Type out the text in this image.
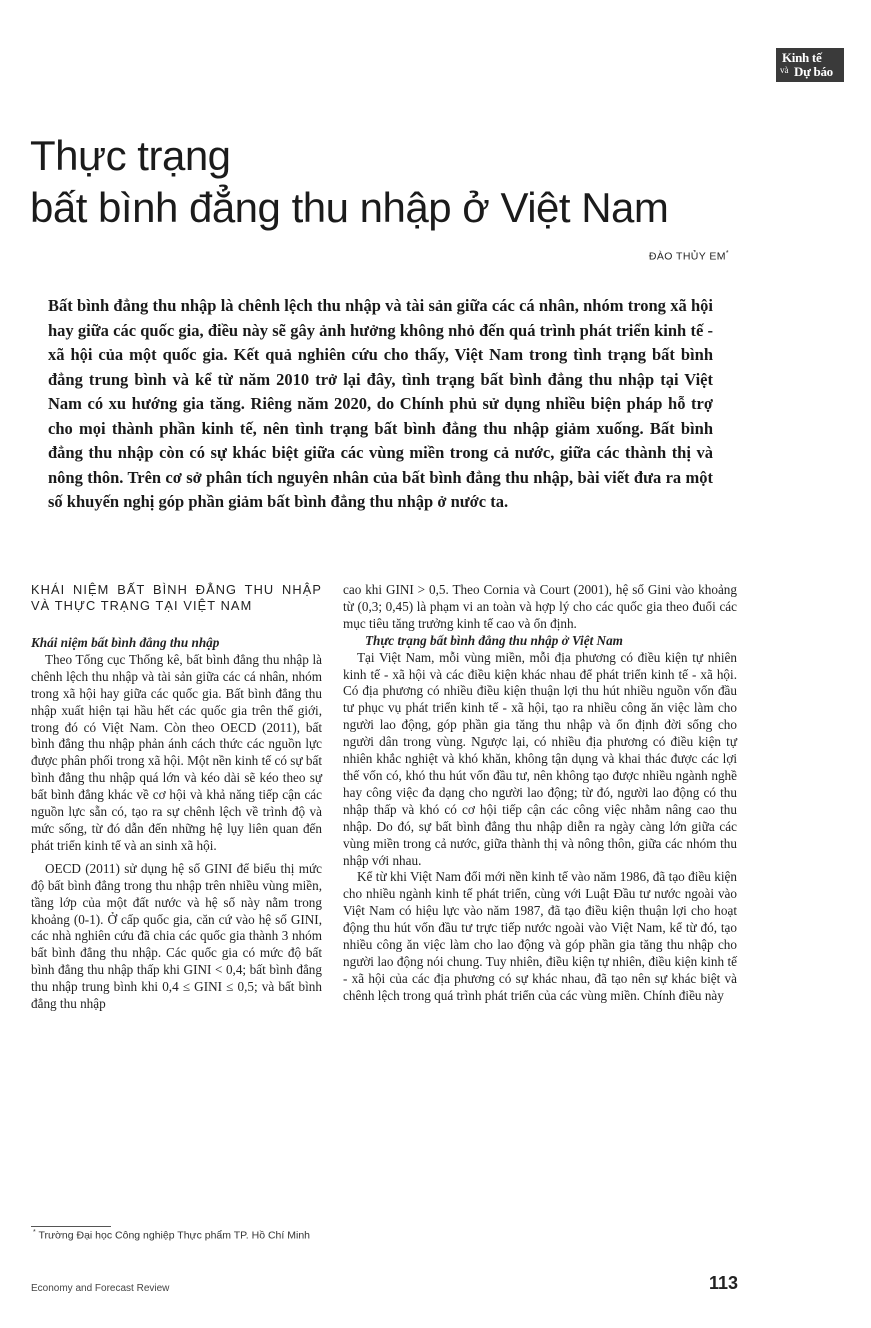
Kinh tế
và Dự báo
Thực trạng
bất bình đẳng thu nhập ở Việt Nam
ĐÀO THỦY EM*
Bất bình đẳng thu nhập là chênh lệch thu nhập và tài sản giữa các cá nhân, nhóm trong xã hội hay giữa các quốc gia, điều này sẽ gây ảnh hưởng không nhỏ đến quá trình phát triển kinh tế - xã hội của một quốc gia. Kết quả nghiên cứu cho thấy, Việt Nam trong tình trạng bất bình đẳng trung bình và kể từ năm 2010 trở lại đây, tình trạng bất bình đẳng thu nhập tại Việt Nam có xu hướng gia tăng. Riêng năm 2020, do Chính phủ sử dụng nhiều biện pháp hỗ trợ cho mọi thành phần kinh tế, nên tình trạng bất bình đẳng thu nhập giảm xuống. Bất bình đẳng thu nhập còn có sự khác biệt giữa các vùng miền trong cả nước, giữa các thành thị và nông thôn. Trên cơ sở phân tích nguyên nhân của bất bình đẳng thu nhập, bài viết đưa ra một số khuyến nghị góp phần giảm bất bình đẳng thu nhập ở nước ta.

KHÁI NIỆM BẤT BÌNH ĐẲNG THU NHẬP VÀ THỰC TRẠNG TẠI VIỆT NAM

Khái niệm bất bình đẳng thu nhập

Theo Tổng cục Thống kê, bất bình đẳng thu nhập là chênh lệch thu nhập và tài sản giữa các cá nhân, nhóm trong xã hội hay giữa các quốc gia. Bất bình đẳng thu nhập xuất hiện tại hầu hết các quốc gia trên thế giới, trong đó có Việt Nam. Còn theo OECD (2011), bất bình đẳng thu nhập phản ánh cách thức các nguồn lực được phân phối trong xã hội. Một nền kinh tế có sự bất bình đẳng thu nhập quá lớn và kéo dài sẽ kéo theo sự bất bình đẳng khác về cơ hội và khả năng tiếp cận các nguồn lực sẵn có, tạo ra sự chênh lệch về trình độ và mức sống, từ đó dẫn đến những hệ lụy liên quan đến phát triển kinh tế và an sinh xã hội.

OECD (2011) sử dụng hệ số GINI để biểu thị mức độ bất bình đẳng trong thu nhập trên nhiều vùng miền, tầng lớp của một đất nước và hệ số này nằm trong khoảng (0-1). Ở cấp quốc gia, căn cứ vào hệ số GINI, các nhà nghiên cứu đã chia các quốc gia thành 3 nhóm bất bình đẳng thu nhập. Các quốc gia có mức độ bất bình đẳng thu nhập thấp khi GINI < 0,4; bất bình đẳng thu nhập trung bình khi 0,4 ≤ GINI ≤ 0,5; và bất bình đẳng thu nhập

cao khi GINI > 0,5. Theo Cornia và Court (2001), hệ số Gini vào khoảng từ (0,3; 0,45) là phạm vi an toàn và hợp lý cho các quốc gia theo đuổi các mục tiêu tăng trưởng kinh tế cao và ổn định.

Thực trạng bất bình đẳng thu nhập ở Việt Nam

Tại Việt Nam, mỗi vùng miền, mỗi địa phương có điều kiện tự nhiên kinh tế - xã hội và các điều kiện khác nhau để phát triển kinh tế - xã hội. Có địa phương có nhiều điều kiện thuận lợi thu hút nhiều nguồn vốn đầu tư phục vụ phát triển kinh tế - xã hội, tạo ra nhiều công ăn việc làm cho người lao động, góp phần gia tăng thu nhập và ổn định đời sống cho người dân trong vùng. Ngược lại, có nhiều địa phương có điều kiện tự nhiên khắc nghiệt và khó khăn, không tận dụng và khai thác được các lợi thế vốn có, khó thu hút vốn đầu tư, nên không tạo được nhiều ngành nghề hay công việc đa dạng cho người lao động; từ đó, người lao động có thu nhập thấp và khó có cơ hội tiếp cận các công việc nhằm nâng cao thu nhập. Do đó, sự bất bình đẳng thu nhập diễn ra ngày càng lớn giữa các vùng miền trong cả nước, giữa thành thị và nông thôn, giữa các nhóm thu nhập với nhau.

Kể từ khi Việt Nam đổi mới nền kinh tế vào năm 1986, đã tạo điều kiện cho nhiều ngành kinh tế phát triển, cùng với Luật Đầu tư nước ngoài vào Việt Nam có hiệu lực vào năm 1987, đã tạo điều kiện thuận lợi cho hoạt động thu hút vốn đầu tư trực tiếp nước ngoài vào Việt Nam, kể từ đó, tạo nhiều công ăn việc làm cho lao động và góp phần gia tăng thu nhập cho người lao động nói chung. Tuy nhiên, điều kiện tự nhiên, điều kiện kinh tế - xã hội của các địa phương có sự khác nhau, đã tạo nên sự khác biệt và chênh lệch trong quá trình phát triển của các vùng miền. Chính điều này

* Trường Đại học Công nghiệp Thực phẩm TP. Hồ Chí Minh
Economy and Forecast Review	113
